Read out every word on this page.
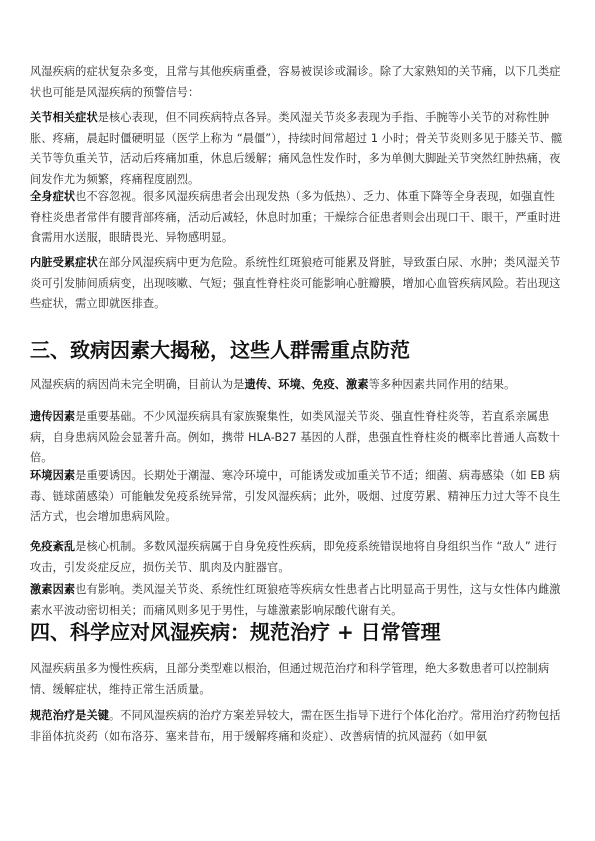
风湿疾病的症状复杂多变，且常与其他疾病重叠，容易被误诊或漏诊。除了大家熟知的关节痛，以下几类症状也可能是风湿疾病的预警信号：

关节相关症状是核心表现，但不同疾病特点各异。类风湿关节炎多表现为手指、手腕等小关节的对称性肿胀、疼痛，晨起时僵硬明显（医学上称为 “晨僵”），持续时间常超过 1 小时；骨关节炎则多见于膝关节、髋关节等负重关节，活动后疼痛加重，休息后缓解；痛风急性发作时，多为单侧大脚趾关节突然红肿热痛，夜间发作尤为频繁，疼痛程度剧烈。

全身症状也不容忽视。很多风湿疾病患者会出现发热（多为低热）、乏力、体重下降等全身表现，如强直性脊柱炎患者常伴有腰背部疼痛，活动后减轻，休息时加重；干燥综合征患者则会出现口干、眼干，严重时进食需用水送服，眼睛畏光、异物感明显。

内脏受累症状在部分风湿疾病中更为危险。系统性红斑狼疮可能累及肾脏，导致蛋白尿、水肿；类风湿关节炎可引发肺间质病变，出现咳嗽、气短；强直性脊柱炎可能影响心脏瓣膜，增加心血管疾病风险。若出现这些症状，需立即就医排查。

三、致病因素大揭秘，这些人群需重点防范

风湿疾病的病因尚未完全明确，目前认为是遗传、环境、免疫、激素等多种因素共同作用的结果。

遗传因素是重要基础。不少风湿疾病具有家族聚集性，如类风湿关节炎、强直性脊柱炎等，若直系亲属患病，自身患病风险会显著升高。例如，携带 HLA-B27 基因的人群，患强直性脊柱炎的概率比普通人高数十倍。

环境因素是重要诱因。长期处于潮湿、寒冷环境中，可能诱发或加重关节不适；细菌、病毒感染（如 EB 病毒、链球菌感染）可能触发免疫系统异常，引发风湿疾病；此外，吸烟、过度劳累、精神压力过大等不良生活方式，也会增加患病风险。

免疫紊乱是核心机制。多数风湿疾病属于自身免疫性疾病，即免疫系统错误地将自身组织当作 “敌人” 进行攻击，引发炎症反应，损伤关节、肌肉及内脏器官。

激素因素也有影响。类风湿关节炎、系统性红斑狼疮等疾病女性患者占比明显高于男性，这与女性体内雌激素水平波动密切相关；而痛风则多见于男性，与雄激素影响尿酸代谢有关。

四、科学应对风湿疾病：规范治疗 + 日常管理

风湿疾病虽多为慢性疾病，且部分类型难以根治，但通过规范治疗和科学管理，绝大多数患者可以控制病情、缓解症状，维持正常生活质量。

规范治疗是关键。不同风湿疾病的治疗方案差异较大，需在医生指导下进行个体化治疗。常用治疗药物包括非甾体抗炎药（如布洛芬、塞来昔布，用于缓解疼痛和炎症）、改善病情的抗风湿药（如甲氨
